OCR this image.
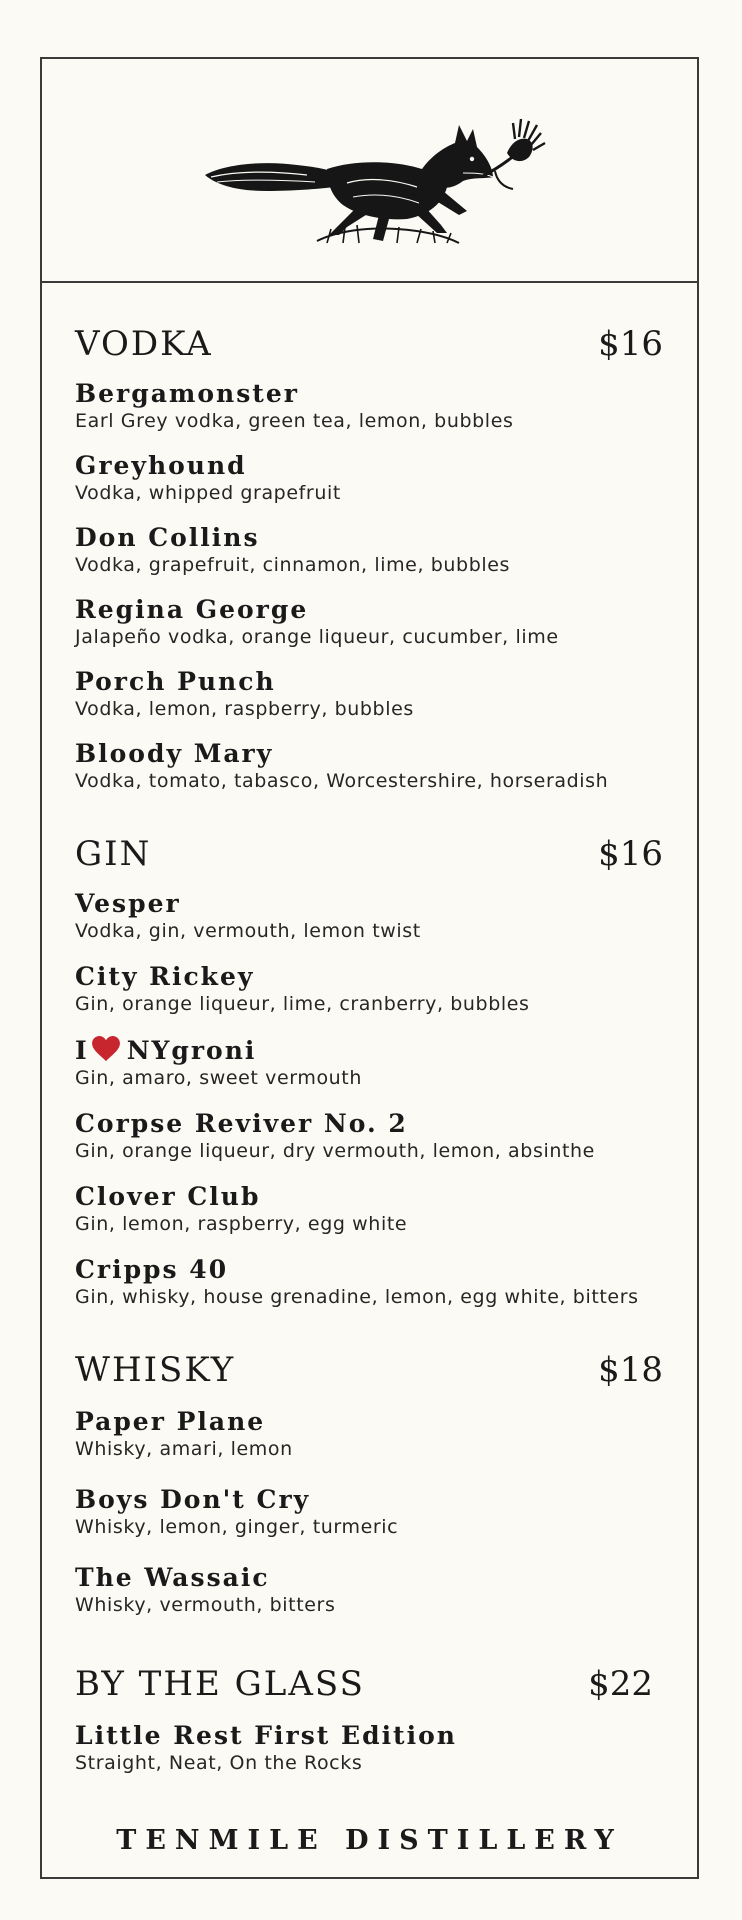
VODKA	$16
Bergamonster
Earl Grey vodka, green tea, lemon, bubbles
Greyhound
Vodka, whipped grapefruit
Don Collins
Vodka, grapefruit, cinnamon, lime, bubbles
Regina George
Jalapeño vodka, orange liqueur, cucumber, lime
Porch Punch
Vodka, lemon, raspberry, bubbles
Bloody Mary
Vodka, tomato, tabasco, Worcestershire, horseradish
GIN	$16
Vesper
Vodka, gin, vermouth, lemon twist
City Rickey
Gin, orange liqueur, lime, cranberry, bubbles
I NYgroni
Gin, amaro, sweet vermouth
Corpse Reviver No. 2
Gin, orange liqueur, dry vermouth, lemon, absinthe
Clover Club
Gin, lemon, raspberry, egg white
Cripps 40
Gin, whisky, house grenadine, lemon, egg white, bitters
WHISKY	$18
Paper Plane
Whisky, amari, lemon
Boys Don't Cry
Whisky, lemon, ginger, turmeric
The Wassaic
Whisky, vermouth, bitters
BY THE GLASS	$22
Little Rest First Edition
Straight, Neat, On the Rocks
TENMILE DISTILLERY
